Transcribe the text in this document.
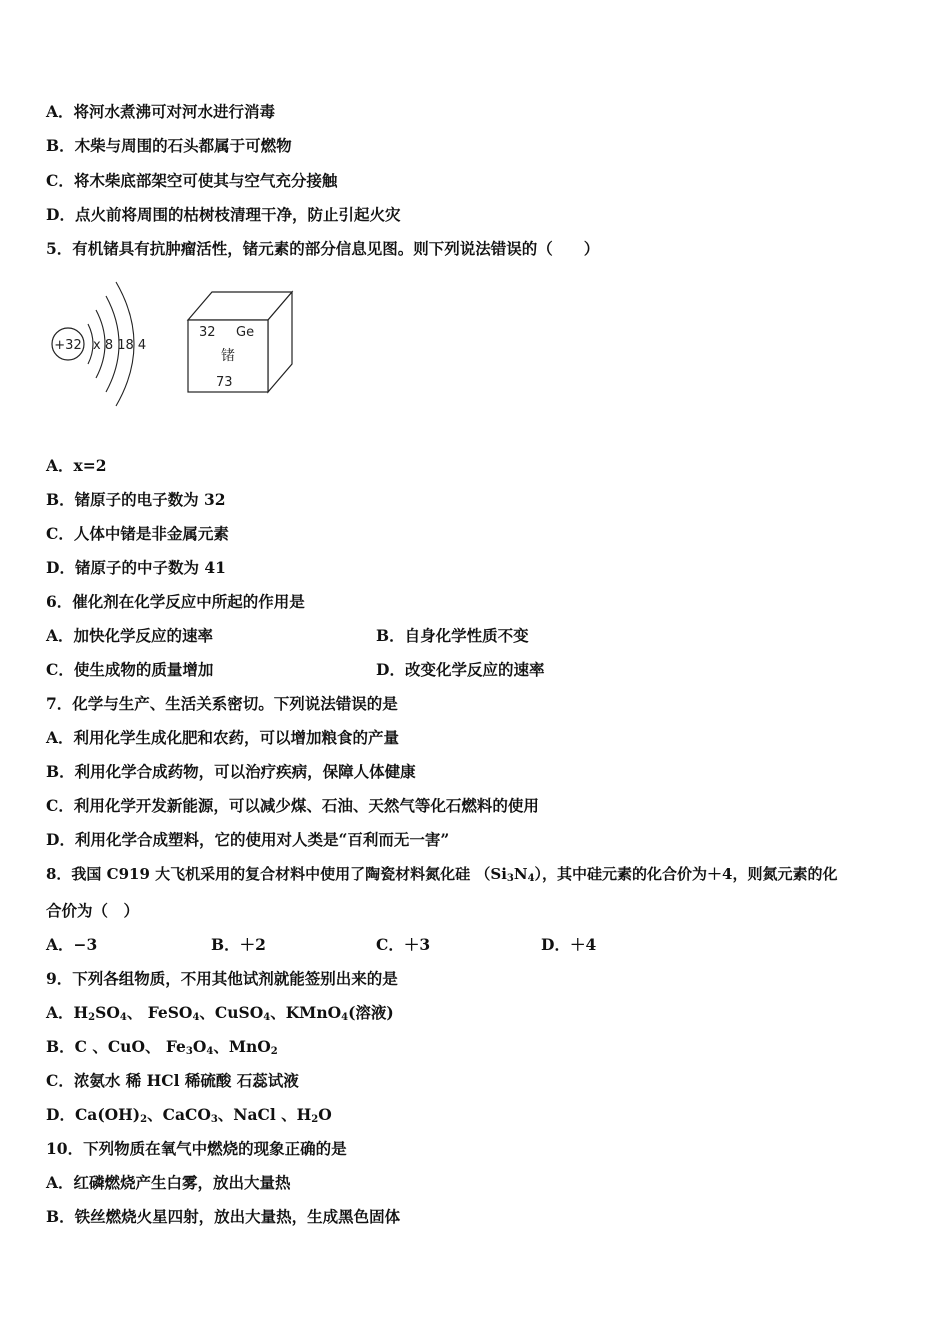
A．将河水煮沸可对河水进行消毒
B．木柴与周围的石头都属于可燃物
C．将木柴底部架空可使其与空气充分接触
D．点火前将周围的枯树枝清理干净，防止引起火灾
5．有机锗具有抗肿瘤活性，锗元素的部分信息见图。则下列说法错误的（　　）
+32 x 8 18 4
32 Ge
锗
73
A．x=2
B．锗原子的电子数为 32
C．人体中锗是非金属元素
D．锗原子的中子数为 41
6．催化剂在化学反应中所起的作用是
A．加快化学反应的速率	B．自身化学性质不变
C．使生成物的质量增加	D．改变化学反应的速率
7．化学与生产、生活关系密切。下列说法错误的是
A．利用化学生成化肥和农药，可以增加粮食的产量
B．利用化学合成药物，可以治疗疾病，保障人体健康
C．利用化学开发新能源，可以减少煤、石油、天然气等化石燃料的使用
D．利用化学合成塑料，它的使用对人类是“百利而无一害”
8．我国 C919 大飞机采用的复合材料中使用了陶瓷材料氮化硅 $(Si_3N_4)$，其中硅元素的化合价为＋4，则氮元素的化
合价为（　）
A．−3	B．＋2	C．＋3	D．＋4
9．下列各组物质，不用其他试剂就能签别出来的是
A．$H_2SO_4$、 FeSO$_4$、CuSO$_4$、KMnO$_4$(溶液)
B．C 、CuO、 $Fe_3O_4$、MnO$_2$
C．浓氨水 稀 HCl 稀硫酸 石蕊试液
D．$Ca(OH)_2$、CaCO$_3$、NaCl 、$H_2O$
10．下列物质在氧气中燃烧的现象正确的是
A．红磷燃烧产生白雾，放出大量热
B．铁丝燃烧火星四射，放出大量热，生成黑色固体
